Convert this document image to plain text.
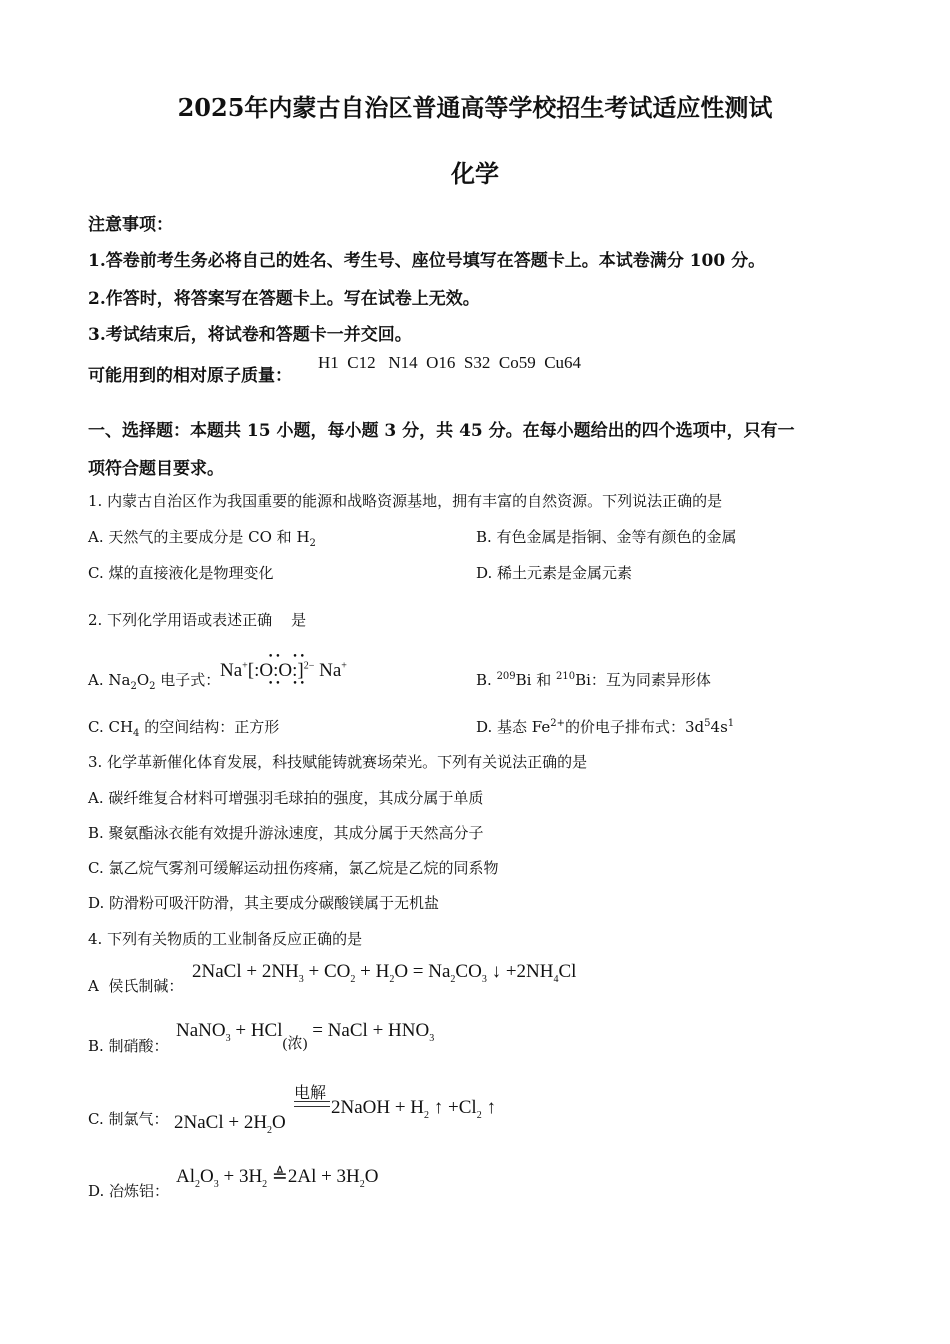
2025年内蒙古自治区普通高等学校招生考试适应性测试
化学
注意事项：
1.答卷前考生务必将自己的姓名、考生号、座位号填写在答题卡上。本试卷满分 100 分。
2.作答时，将答案写在答题卡上。写在试卷上无效。
3.考试结束后，将试卷和答题卡一并交回。
可能用到的相对原子质量：
H1  C12   N14  O16  S32  Co59  Cu64
一、选择题：本题共 15 小题，每小题 3 分，共 45 分。在每小题给出的四个选项中，只有一
项符合题目要求。
1. 内蒙古自治区作为我国重要的能源和战略资源基地，拥有丰富的自然资源。下列说法正确的是
A. 天然气的主要成分是 CO 和 $H_2$	B. 有色金属是指铜、金等有颜色的金属
C. 煤的直接液化是物理变化	D. 稀土元素是金属元素
2. 下列化学用语或表述正确    是
A. $Na_2O_2$ 电子式： Na+[:O:O:]$^{2-}$ Na+
••  ••
••  ••	B. $^{209}$Bi 和 $^{210}$Bi：互为同素异形体
C. $CH_4$ 的空间结构：正方形	D. 基态 $Fe^{2+}$的价电子排布式：$3d^54s^1$
3. 化学革新催化体育发展，科技赋能铸就赛场荣光。下列有关说法正确的是
A. 碳纤维复合材料可增强羽毛球拍的强度，其成分属于单质
B. 聚氨酯泳衣能有效提升游泳速度，其成分属于天然高分子
C. 氯乙烷气雾剂可缓解运动扭伤疼痛，氯乙烷是乙烷的同系物
D. 防滑粉可吸汗防滑，其主要成分碳酸镁属于无机盐
4. 下列有关物质的工业制备反应正确的是
A  侯氏制碱：
2NaCl + $2NH_3 + CO_2 + H_2O = Na_2CO_3$ ↓ $+2NH_4Cl$
B. 制硝酸：
NaNO$_3$ + HCl$_{(浓)}$ = NaCl + $HNO_3$
C. 制氯气： 2NaCl + $2H_2O$
电解
2NaOH + $H_2$ ↑ $+Cl_2$ ↑
D. 冶炼铝：
$Al_2O_3 + 3H_2$ ≜2Al + $3H_2O$
